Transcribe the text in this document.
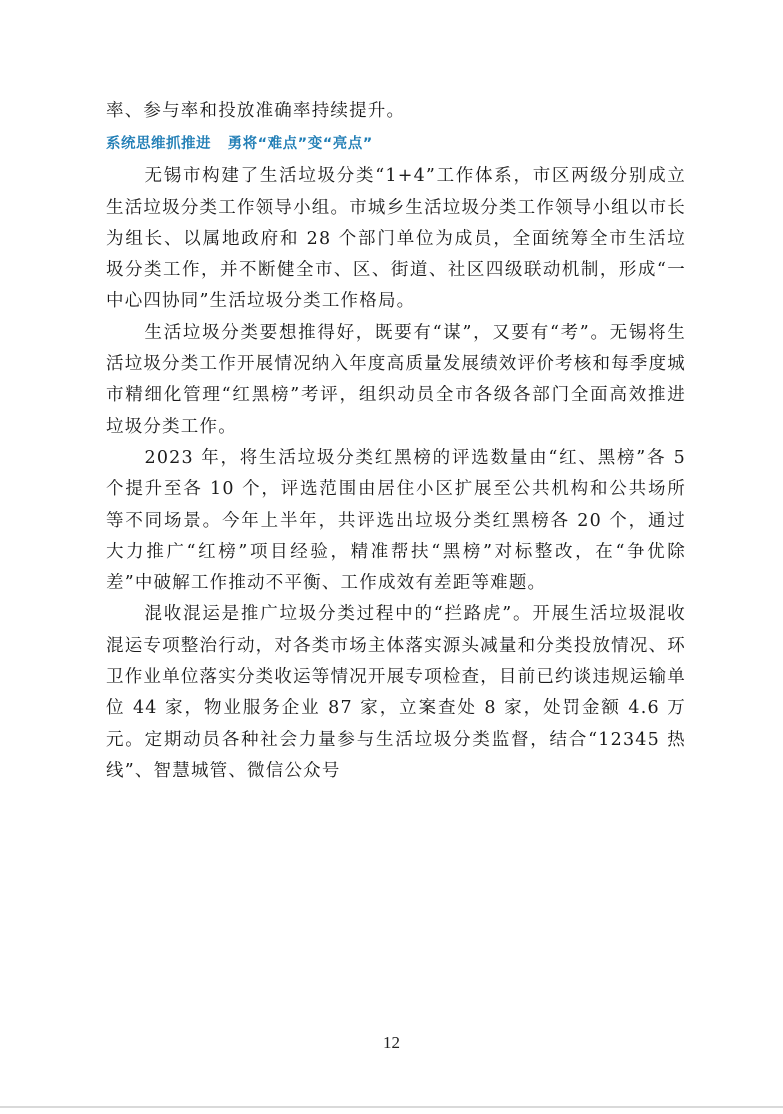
率、参与率和投放准确率持续提升。

系统思维抓推进   勇将“难点”变“亮点”

无锡市构建了生活垃圾分类“1+4”工作体系，市区两级分别成立生活垃圾分类工作领导小组。市城乡生活垃圾分类工作领导小组以市长为组长、以属地政府和 28 个部门单位为成员，全面统筹全市生活垃圾分类工作，并不断健全市、区、街道、社区四级联动机制，形成“一中心四协同”生活垃圾分类工作格局。

生活垃圾分类要想推得好，既要有“谋”，又要有“考”。无锡将生活垃圾分类工作开展情况纳入年度高质量发展绩效评价考核和每季度城市精细化管理“红黑榜”考评，组织动员全市各级各部门全面高效推进垃圾分类工作。

2023 年，将生活垃圾分类红黑榜的评选数量由“红、黑榜”各 5 个提升至各 10 个，评选范围由居住小区扩展至公共机构和公共场所等不同场景。今年上半年，共评选出垃圾分类红黑榜各 20 个，通过大力推广“红榜”项目经验，精准帮扶“黑榜”对标整改，在“争优除差”中破解工作推动不平衡、工作成效有差距等难题。

混收混运是推广垃圾分类过程中的“拦路虎”。开展生活垃圾混收混运专项整治行动，对各类市场主体落实源头减量和分类投放情况、环卫作业单位落实分类收运等情况开展专项检查，目前已约谈违规运输单位 44 家，物业服务企业 87 家，立案查处 8 家，处罚金额 4.6 万元。定期动员各种社会力量参与生活垃圾分类监督，结合“12345 热线”、智慧城管、微信公众号

12
